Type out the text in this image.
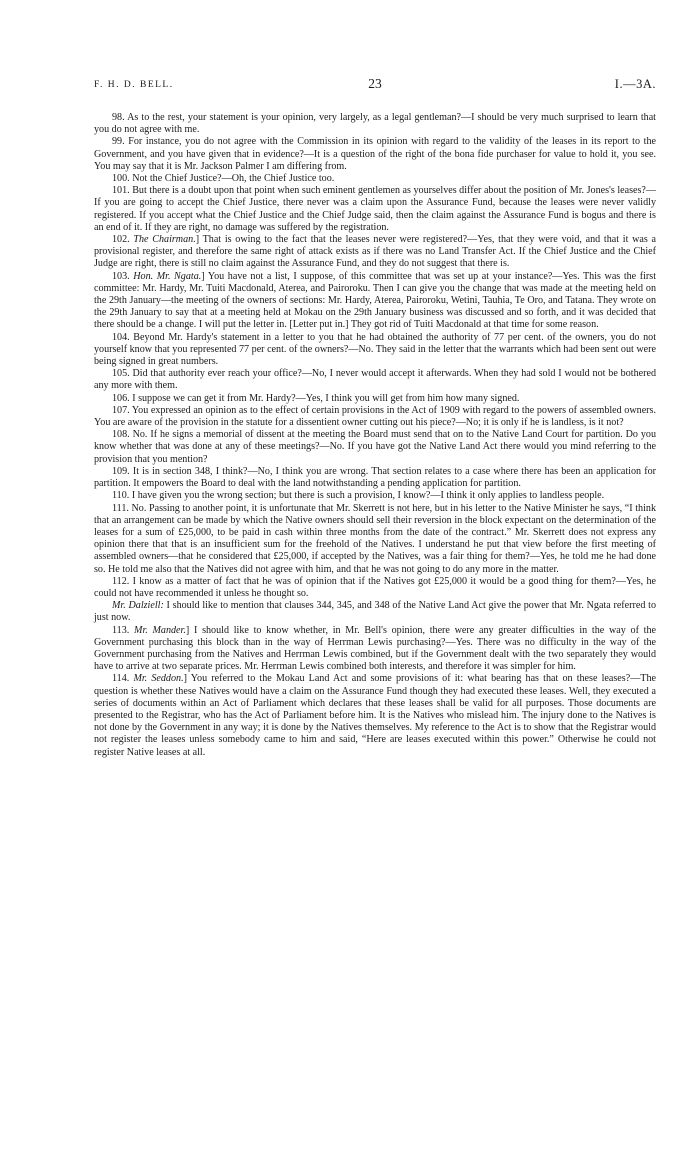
F. H. D. BELL.	23	I.—3A.

98. As to the rest, your statement is your opinion, very largely, as a legal gentleman?—I should be very much surprised to learn that you do not agree with me.

99. For instance, you do not agree with the Commission in its opinion with regard to the validity of the leases in its report to the Government, and you have given that in evidence?—It is a question of the right of the bona fide purchaser for value to hold it, you see. You may say that it is Mr. Jackson Palmer I am differing from.

100. Not the Chief Justice?—Oh, the Chief Justice too.

101. But there is a doubt upon that point when such eminent gentlemen as yourselves differ about the position of Mr. Jones's leases?—If you are going to accept the Chief Justice, there never was a claim upon the Assurance Fund, because the leases were never validly registered. If you accept what the Chief Justice and the Chief Judge said, then the claim against the Assurance Fund is bogus and there is an end of it. If they are right, no damage was suffered by the registration.

102. The Chairman.] That is owing to the fact that the leases never were registered?—Yes, that they were void, and that it was a provisional register, and therefore the same right of attack exists as if there was no Land Transfer Act. If the Chief Justice and the Chief Judge are right, there is still no claim against the Assurance Fund, and they do not suggest that there is.

103. Hon. Mr. Ngata.] You have not a list, I suppose, of this committee that was set up at your instance?—Yes. This was the first committee: Mr. Hardy, Mr. Tuiti Macdonald, Aterea, and Pairoroku. Then I can give you the change that was made at the meeting held on the 29th January—the meeting of the owners of sections: Mr. Hardy, Aterea, Pairoroku, Wetini, Tauhia, Te Oro, and Tatana. They wrote on the 29th January to say that at a meeting held at Mokau on the 29th January business was discussed and so forth, and it was decided that there should be a change. I will put the letter in. [Letter put in.] They got rid of Tuiti Macdonald at that time for some reason.

104. Beyond Mr. Hardy's statement in a letter to you that he had obtained the authority of 77 per cent. of the owners, you do not yourself know that you represented 77 per cent. of the owners?—No. They said in the letter that the warrants which had been sent out were being signed in great numbers.

105. Did that authority ever reach your office?—No, I never would accept it afterwards. When they had sold I would not be bothered any more with them.

106. I suppose we can get it from Mr. Hardy?—Yes, I think you will get from him how many signed.

107. You expressed an opinion as to the effect of certain provisions in the Act of 1909 with regard to the powers of assembled owners. You are aware of the provision in the statute for a dissentient owner cutting out his piece?—No; it is only if he is landless, is it not?

108. No. If he signs a memorial of dissent at the meeting the Board must send that on to the Native Land Court for partition. Do you know whether that was done at any of these meetings?—No. If you have got the Native Land Act there would you mind referring to the provision that you mention?

109. It is in section 348, I think?—No, I think you are wrong. That section relates to a case where there has been an application for partition. It empowers the Board to deal with the land notwithstanding a pending application for partition.

110. I have given you the wrong section; but there is such a provision, I know?—I think it only applies to landless people.

111. No. Passing to another point, it is unfortunate that Mr. Skerrett is not here, but in his letter to the Native Minister he says, “I think that an arrangement can be made by which the Native owners should sell their reversion in the block expectant on the determination of the leases for a sum of £25,000, to be paid in cash within three months from the date of the contract.” Mr. Skerrett does not express any opinion there that that is an insufficient sum for the freehold of the Natives. I understand he put that view before the first meeting of assembled owners—that he considered that £25,000, if accepted by the Natives, was a fair thing for them?—Yes, he told me he had done so. He told me also that the Natives did not agree with him, and that he was not going to do any more in the matter.

112. I know as a matter of fact that he was of opinion that if the Natives got £25,000 it would be a good thing for them?—Yes, he could not have recommended it unless he thought so.

Mr. Dalziell: I should like to mention that clauses 344, 345, and 348 of the Native Land Act give the power that Mr. Ngata referred to just now.

113. Mr. Mander.] I should like to know whether, in Mr. Bell's opinion, there were any greater difficulties in the way of the Government purchasing this block than in the way of Herrman Lewis purchasing?—Yes. There was no difficulty in the way of the Government purchasing from the Natives and Herrman Lewis combined, but if the Government dealt with the two separately they would have to arrive at two separate prices. Mr. Herrman Lewis combined both interests, and therefore it was simpler for him.

114. Mr. Seddon.] You referred to the Mokau Land Act and some provisions of it: what bearing has that on these leases?—The question is whether these Natives would have a claim on the Assurance Fund though they had executed these leases. Well, they executed a series of documents within an Act of Parliament which declares that these leases shall be valid for all purposes. Those documents are presented to the Registrar, who has the Act of Parliament before him. It is the Natives who mislead him. The injury done to the Natives is not done by the Government in any way; it is done by the Natives themselves. My reference to the Act is to show that the Registrar would not register the leases unless somebody came to him and said, “Here are leases executed within this power.” Otherwise he could not register Native leases at all.
